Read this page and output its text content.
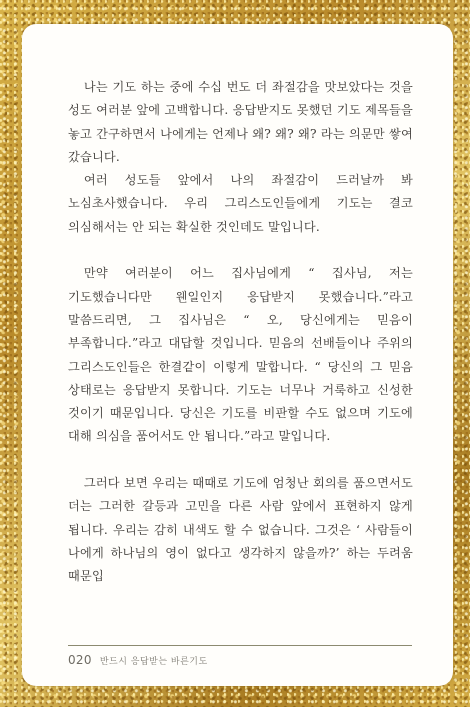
나는 기도 하는 중에 수십 번도 더 좌절감을 맛보았다는 것을 성도 여러분 앞에 고백합니다. 응답받지도 못했던 기도 제목들을 놓고 간구하면서 나에게는 언제나 왜? 왜? 왜? 라는 의문만 쌓여 갔습니다.

여러 성도들 앞에서 나의 좌절감이 드러날까 봐 노심초사했습니다. 우리 그리스도인들에게 기도는 결코 의심해서는 안 되는 확실한 것인데도 말입니다.

만약 여러분이 어느 집사님에게 “ 집사님, 저는 기도했습니다만 웬일인지 응답받지 못했습니다.”라고 말씀드리면, 그 집사님은 “ 오, 당신에게는 믿음이 부족합니다.”라고 대답할 것입니다. 믿음의 선배들이나 주위의 그리스도인들은 한결같이 이렇게 말합니다. “ 당신의 그 믿음 상태로는 응답받지 못합니다. 기도는 너무나 거룩하고 신성한 것이기 때문입니다. 당신은 기도를 비판할 수도 없으며 기도에 대해 의심을 품어서도 안 됩니다.”라고 말입니다.

그러다 보면 우리는 때때로 기도에 엄청난 회의를 품으면서도 더는 그러한 갈등과 고민을 다른 사람 앞에서 표현하지 않게 됩니다. 우리는 감히 내색도 할 수 없습니다. 그것은 ‘ 사람들이 나에게 하나님의 영이 없다고 생각하지 않을까?’ 하는 두려움 때문입

020 반드시 응답받는 바른기도
